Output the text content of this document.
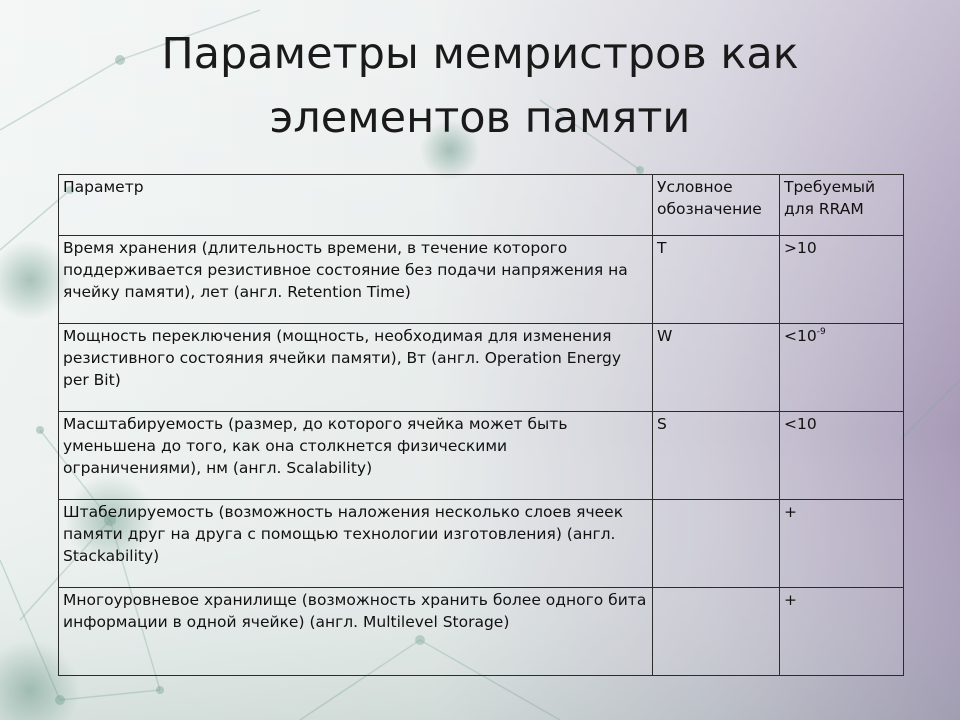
Параметры мемристров как
элементов памяти
Параметр	Условное обозначение	Требуемый для RRAM
Время хранения (длительность времени, в течение которого поддерживается резистивное состояние без подачи напряжения на ячейку памяти), лет (англ. Retention Time)	T	>10
Мощность переключения (мощность, необходимая для изменения резистивного состояния ячейки памяти), Вт (англ. Operation Energy per Bit)	W	$<10^{-9}$
Масштабируемость (размер, до которого ячейка может быть уменьшена до того, как она столкнется физическими ограничениями), нм (англ. Scalability)	S	<10
Штабелируемость (возможность наложения несколько слоев ячеек памяти друг на друга с помощью технологии изготовления) (англ. Stackability)		+
Многоуровневое хранилище (возможность хранить более одного бита информации в одной ячейке) (англ. Multilevel Storage)		+
